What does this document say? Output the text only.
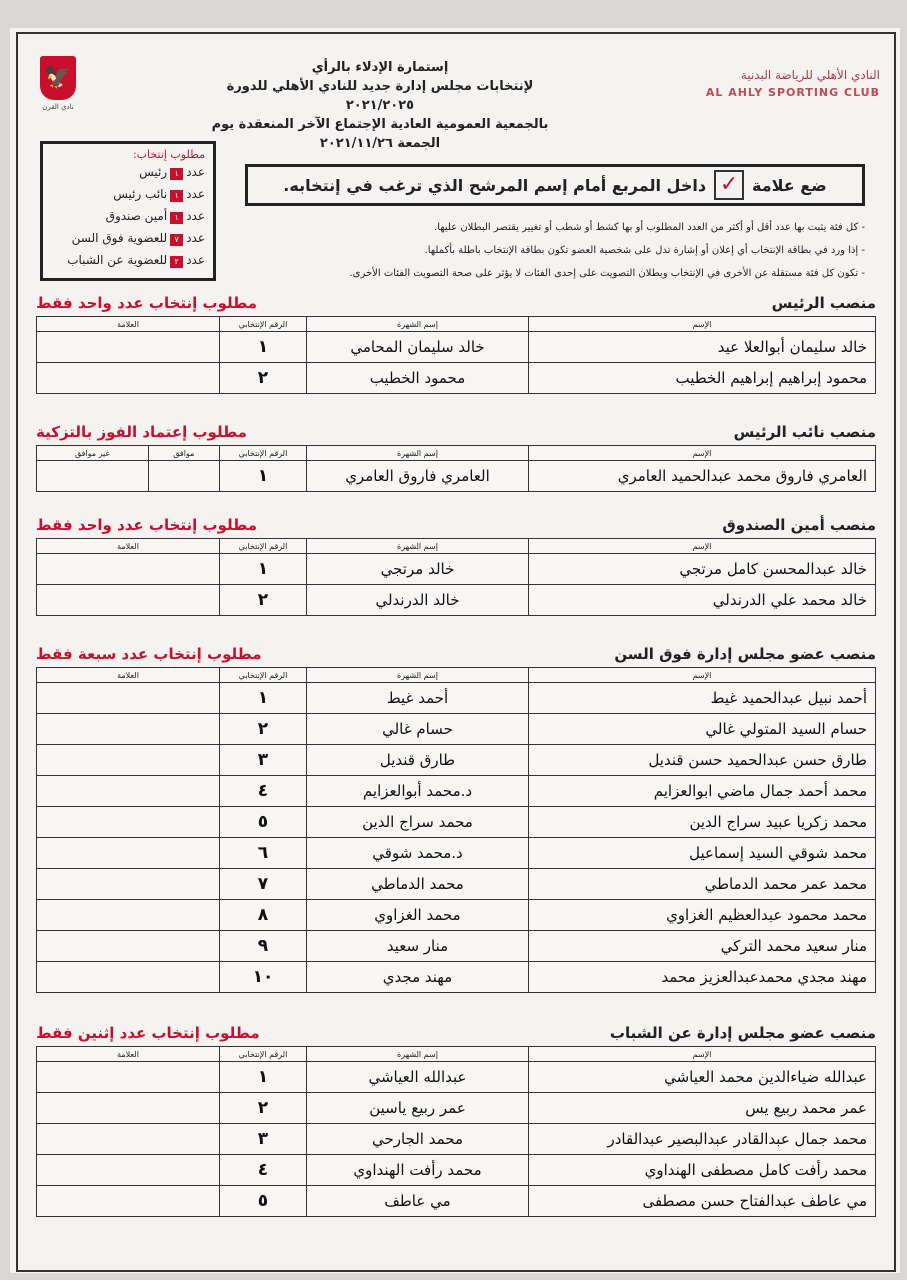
🦅
نادي القرن
النادي الأهلي للرياضة البدنية
AL AHLY SPORTING CLUB
إستمارة الإدلاء بالرأي
لإنتخابات مجلس إدارة جديد للنادي الأهلي للدورة ٢٠٢١/٢٠٢٥
بالجمعية العمومية العادية الإجتماع الآخر المنعقدة يوم الجمعة ٢٠٢١/١١/٢٦
مطلوب إنتخاب:
عدد١رئيس
عدد١نائب رئيس
عدد١أمين صندوق
عدد٧للعضوية فوق السن
عدد٢للعضوية عن الشباب
ضع علامة
✓
داخل المربع أمام إسم المرشح الذي ترغب في إنتخابه.
- كل فئة يثبت بها عدد أقل أو أكثر من العدد المطلوب أو بها كشط أو شطب أو تغيير يقتصر البطلان عليها.
- إذا ورد في بطاقة الإنتخاب أي إعلان أو إشارة تدل على شخصية العضو تكون بطاقة الإنتخاب باطلة بأكملها.
- تكون كل فئة مستقلة عن الأخرى في الإنتخاب وبطلان التصويت على إحدى الفئات لا يؤثر على صحة التصويت الفئات الأخرى.
منصب الرئيس
مطلوب إنتخاب عدد واحد فقط
الإسم	إسم الشهرة	الرقم الإنتخابي	العلامة
خالد سليمان أبوالعلا عيد	خالد سليمان المحامي	١	
محمود إبراهيم إبراهيم الخطيب	محمود الخطيب	٢	
منصب نائب الرئيس
مطلوب إعتماد الفوز بالتزكية
الإسم	إسم الشهرة	الرقم الإنتخابي	موافق	غير موافق
العامري فاروق محمد عبدالحميد العامري	العامري فاروق العامري	١		
منصب أمين الصندوق
مطلوب إنتخاب عدد واحد فقط
الإسم	إسم الشهرة	الرقم الإنتخابي	العلامة
خالد عبدالمحسن كامل مرتجي	خالد مرتجي	١	
خالد محمد علي الدرندلي	خالد الدرندلي	٢	
منصب عضو مجلس إدارة فوق السن
مطلوب إنتخاب عدد سبعة فقط
الإسم	إسم الشهرة	الرقم الإنتخابي	العلامة
أحمد نبيل عبدالحميد غيط	أحمد غيط	١	
حسام السيد المتولي غالي	حسام غالي	٢	
طارق حسن عبدالحميد حسن قنديل	طارق قنديل	٣	
محمد أحمد جمال ماضي ابوالعزايم	د.محمد أبوالعزايم	٤	
محمد زكريا عبيد سراج الدين	محمد سراج الدين	٥	
محمد شوقي السيد إسماعيل	د.محمد شوقي	٦	
محمد عمر محمد الدماطي	محمد الدماطي	٧	
محمد محمود عبدالعظيم الغزاوي	محمد الغزاوي	٨	
منار سعيد محمد التركي	منار سعيد	٩	
مهند مجدي محمدعبدالعزيز محمد	مهند مجدي	١٠	
منصب عضو مجلس إدارة عن الشباب
مطلوب إنتخاب عدد إثنين فقط
الإسم	إسم الشهرة	الرقم الإنتخابي	العلامة
عبدالله ضياءالدين محمد العياشي	عبدالله العياشي	١	
عمر محمد ربيع يس	عمر ربيع ياسين	٢	
محمد جمال عبدالقادر عبدالبصير عبدالقادر	محمد الجارحي	٣	
محمد رأفت كامل مصطفى الهنداوي	محمد رأفت الهنداوي	٤	
مي عاطف عبدالفتاح حسن مصطفى	مي عاطف	٥	
